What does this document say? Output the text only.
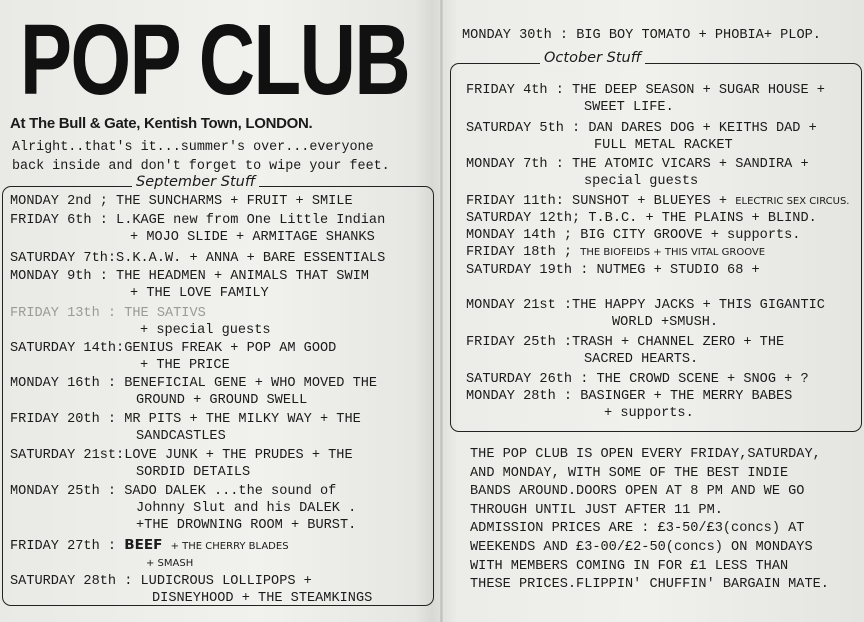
POP CLUB
At The Bull & Gate, Kentish Town, LONDON.
Alright..that's it...summer's over...everyone
back inside and don't forget to wipe your feet.
September Stuff
MONDAY 2nd ; THE SUNCHARMS + FRUIT + SMILE
FRIDAY 6th : L.KAGE new from One Little Indian
+ MOJO SLIDE + ARMITAGE SHANKS
SATURDAY 7th:S.K.A.W. + ANNA + BARE ESSENTIALS
MONDAY 9th : THE HEADMEN + ANIMALS THAT SWIM
+ THE LOVE FAMILY
FRIDAY 13th : THE SATIVS
+ special guests
SATURDAY 14th:GENIUS FREAK + POP AM GOOD
+ THE PRICE
MONDAY 16th : BENEFICIAL GENE + WHO MOVED THE
GROUND + GROUND SWELL
FRIDAY 20th : MR PITS + THE MILKY WAY + THE
SANDCASTLES
SATURDAY 21st:LOVE JUNK + THE PRUDES + THE
SORDID DETAILS
MONDAY 25th : SADO DALEK ...the sound of
Johnny Slut and his DALEK .
+THE DROWNING ROOM + BURST.
FRIDAY 27th : BEEF + THE CHERRY BLADES
+ SMASH
SATURDAY 28th : LUDICROUS LOLLIPOPS +
DISNEYHOOD + THE STEAMKINGS
MONDAY 30th : BIG BOY TOMATO + PHOBIA+ PLOP.
October Stuff
FRIDAY 4th : THE DEEP SEASON + SUGAR HOUSE +
SWEET LIFE.
SATURDAY 5th : DAN DARES DOG + KEITHS DAD +
FULL METAL RACKET
MONDAY 7th : THE ATOMIC VICARS + SANDIRA +
special guests
FRIDAY 11th: SUNSHOT + BLUEYES + ELECTRIC SEX CIRCUS.
SATURDAY 12th; T.B.C. + THE PLAINS + BLIND.
MONDAY 14th ; BIG CITY GROOVE + supports.
FRIDAY 18th ; THE BIOFEIDS + THIS VITAL GROOVE
SATURDAY 19th : NUTMEG + STUDIO 68 +
MONDAY 21st :THE HAPPY JACKS + THIS GIGANTIC
WORLD +SMUSH.
FRIDAY 25th :TRASH + CHANNEL ZERO + THE
SACRED HEARTS.
SATURDAY 26th : THE CROWD SCENE + SNOG + ?
MONDAY 28th : BASINGER + THE MERRY BABES
+ supports.
THE POP CLUB IS OPEN EVERY FRIDAY,SATURDAY,
AND MONDAY, WITH SOME OF THE BEST INDIE
BANDS AROUND.DOORS OPEN AT 8 PM AND WE GO
THROUGH UNTIL JUST AFTER 11 PM.
ADMISSION PRICES ARE : £3-50/£3(concs) AT
WEEKENDS AND £3-00/£2-50(concs) ON MONDAYS
WITH MEMBERS COMING IN FOR £1 LESS THAN
THESE PRICES.FLIPPIN' CHUFFIN' BARGAIN MATE.
